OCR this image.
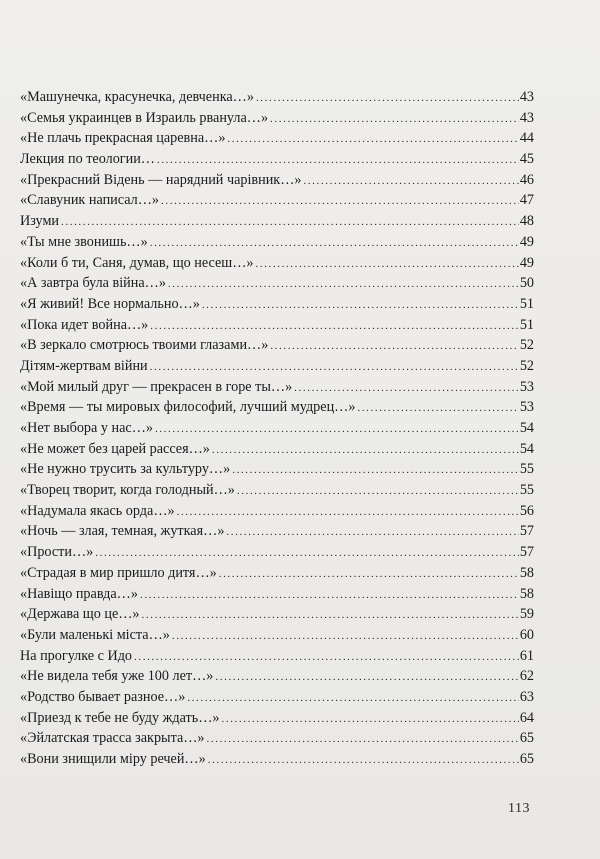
«Машунечка, красунечка, девченка…» .....	43
«Семья украинцев в Израиль рванула…» .....	43
«Не плачь прекрасная царевна…» .....	44
Лекция по теологии… .....	45
«Прекрасний Відень — нарядний чарівник…» .....	46
«Славуник написал…» .....	47
Изуми .....	48
«Ты мне звонишь…» .....	49
«Коли б ти, Саня, думав, що несеш…» .....	49
«А завтра була війна…» .....	50
«Я живий! Все нормально…» .....	51
«Пока идет война…» .....	51
«В зеркало смотрюсь твоими глазами…» .....	52
Дітям-жертвам війни .....	52
«Мой милый друг — прекрасен в горе ты…» .....	53
«Время — ты мировых философий, лучший мудрец…» .....	53
«Нет выбора у нас…» .....	54
«Не может без царей рассея…» .....	54
«Не нужно трусить за культуру…» .....	55
«Творец творит, когда голодный…» .....	55
«Надумала якась орда…» .....	56
«Ночь — злая, темная, жуткая…» .....	57
«Прости…» .....	57
«Страдая в мир пришло дитя…» .....	58
«Навіщо правда…» .....	58
«Держава що це…» .....	59
«Були маленькі міста…» .....	60
На прогулке с Идо .....	61
«Не видела тебя уже 100 лет…» .....	62
«Родство бывает разное…» .....	63
«Приезд к тебе не буду ждать…» .....	64
«Эйлатская трасса закрыта…» .....	65
«Вони знищили міру речей…» .....	65
113
